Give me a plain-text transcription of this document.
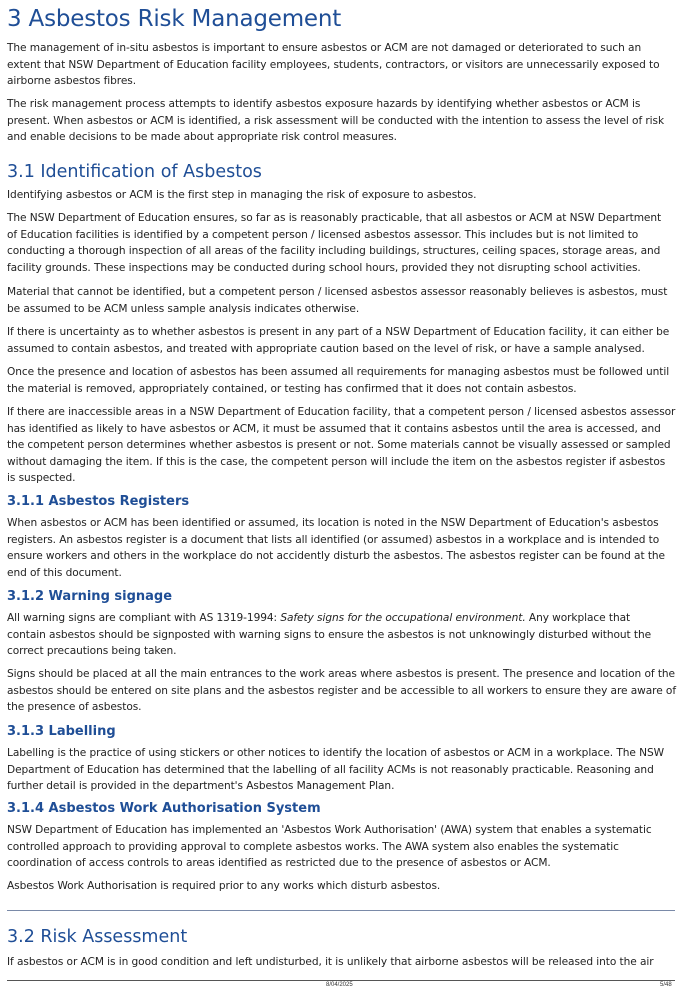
3 Asbestos Risk Management

The management of in-situ asbestos is important to ensure asbestos or ACM are not damaged or deteriorated to such an
extent that NSW Department of Education facility employees, students, contractors, or visitors are unnecessarily exposed to
airborne asbestos fibres.

The risk management process attempts to identify asbestos exposure hazards by identifying whether asbestos or ACM is
present. When asbestos or ACM is identified, a risk assessment will be conducted with the intention to assess the level of risk
and enable decisions to be made about appropriate risk control measures.

3.1 Identification of Asbestos

Identifying asbestos or ACM is the first step in managing the risk of exposure to asbestos.

The NSW Department of Education ensures, so far as is reasonably practicable, that all asbestos or ACM at NSW Department
of Education facilities is identified by a competent person / licensed asbestos assessor. This includes but is not limited to
conducting a thorough inspection of all areas of the facility including buildings, structures, ceiling spaces, storage areas, and
facility grounds. These inspections may be conducted during school hours, provided they not disrupting school activities.

Material that cannot be identified, but a competent person / licensed asbestos assessor reasonably believes is asbestos, must
be assumed to be ACM unless sample analysis indicates otherwise.

If there is uncertainty as to whether asbestos is present in any part of a NSW Department of Education facility, it can either be
assumed to contain asbestos, and treated with appropriate caution based on the level of risk, or have a sample analysed.

Once the presence and location of asbestos has been assumed all requirements for managing asbestos must be followed until
the material is removed, appropriately contained, or testing has confirmed that it does not contain asbestos.

If there are inaccessible areas in a NSW Department of Education facility, that a competent person / licensed asbestos assessor
has identified as likely to have asbestos or ACM, it must be assumed that it contains asbestos until the area is accessed, and
the competent person determines whether asbestos is present or not. Some materials cannot be visually assessed or sampled
without damaging the item. If this is the case, the competent person will include the item on the asbestos register if asbestos
is suspected.

3.1.1 Asbestos Registers

When asbestos or ACM has been identified or assumed, its location is noted in the NSW Department of Education's asbestos
registers. An asbestos register is a document that lists all identified (or assumed) asbestos in a workplace and is intended to
ensure workers and others in the workplace do not accidently disturb the asbestos. The asbestos register can be found at the
end of this document.

3.1.2 Warning signage

All warning signs are compliant with AS 1319-1994: Safety signs for the occupational environment. Any workplace that
contain asbestos should be signposted with warning signs to ensure the asbestos is not unknowingly disturbed without the
correct precautions being taken.

Signs should be placed at all the main entrances to the work areas where asbestos is present. The presence and location of the
asbestos should be entered on site plans and the asbestos register and be accessible to all workers to ensure they are aware of
the presence of asbestos.

3.1.3 Labelling

Labelling is the practice of using stickers or other notices to identify the location of asbestos or ACM in a workplace. The NSW
Department of Education has determined that the labelling of all facility ACMs is not reasonably practicable. Reasoning and
further detail is provided in the department's Asbestos Management Plan.

3.1.4 Asbestos Work Authorisation System

NSW Department of Education has implemented an 'Asbestos Work Authorisation' (AWA) system that enables a systematic
controlled approach to providing approval to complete asbestos works. The AWA system also enables the systematic
coordination of access controls to areas identified as restricted due to the presence of asbestos or ACM.

Asbestos Work Authorisation is required prior to any works which disturb asbestos.

3.2 Risk Assessment

If asbestos or ACM is in good condition and left undisturbed, it is unlikely that airborne asbestos will be released into the air

8/04/2025	5/48
